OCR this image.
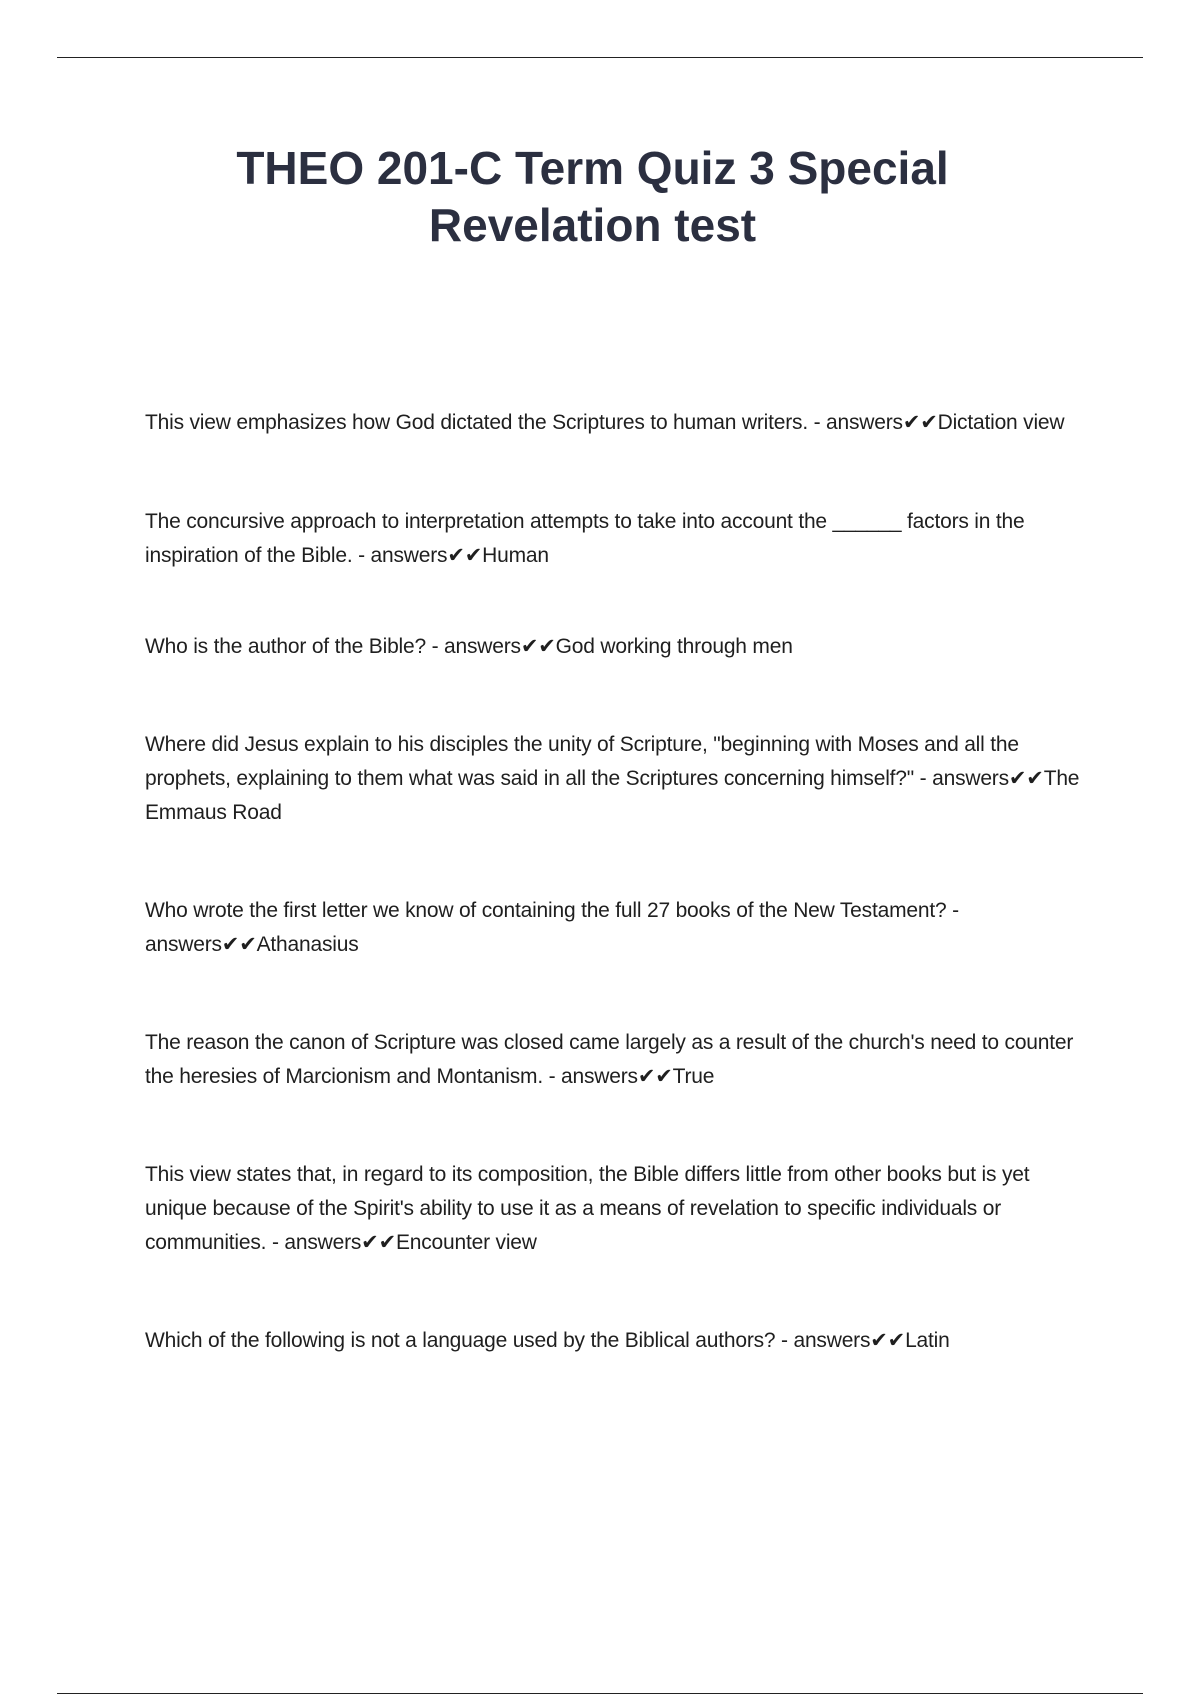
THEO 201-C Term Quiz 3 Special
Revelation test
This view emphasizes how God dictated the Scriptures to human writers. - answers✔✔Dictation view
The concursive approach to interpretation attempts to take into account the ______ factors in the inspiration of the Bible. - answers✔✔Human
Who is the author of the Bible? - answers✔✔God working through men
Where did Jesus explain to his disciples the unity of Scripture, "beginning with Moses and all the prophets, explaining to them what was said in all the Scriptures concerning himself?" - answers✔✔The Emmaus Road
Who wrote the first letter we know of containing the full 27 books of the New Testament? - answers✔✔Athanasius
The reason the canon of Scripture was closed came largely as a result of the church's need to counter the heresies of Marcionism and Montanism. - answers✔✔True
This view states that, in regard to its composition, the Bible differs little from other books but is yet unique because of the Spirit's ability to use it as a means of revelation to specific individuals or communities. - answers✔✔Encounter view
Which of the following is not a language used by the Biblical authors? - answers✔✔Latin
